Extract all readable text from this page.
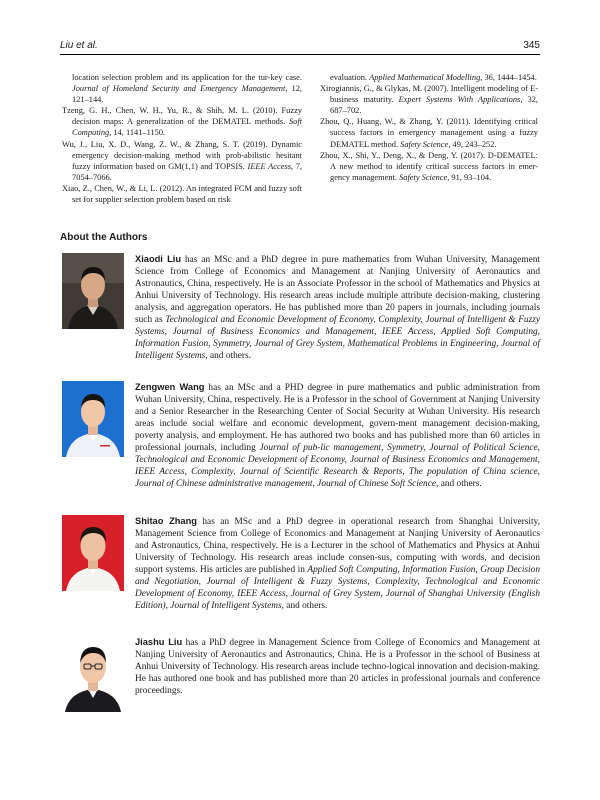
Liu et al.	345

location selection problem and its application for the tur-key case. Journal of Homeland Security and Emergency Management, 12, 121–144.

Tzeng, G. H., Chen, W. H., Yu, R., & Shih, M. L. (2010). Fuzzy decision maps: A generalization of the DEMATEL methods. Soft Computing, 14, 1141–1150.

Wu, J., Liu, X. D., Wang, Z. W., & Zhang, S. T. (2019). Dynamic emergency decision-making method with prob-abilistic hesitant fuzzy information based on GM(1,1) and TOPSIS. IEEE Access, 7, 7054–7066.

Xiao, Z., Chen, W., & Li, L. (2012). An integrated FCM and fuzzy soft set for supplier selection problem based on risk

evaluation. Applied Mathematical Modelling, 36, 1444–1454.

Xirogiannis, G., & Glykas, M. (2007). Intelligent modeling of E-business maturity. Expert Systems With Applications, 32, 687–702.

Zhou, Q., Huang, W., & Zhang, Y. (2011). Identifying critical success factors in emergency management using a fuzzy DEMATEL method. Safety Science, 49, 243–252.

Zhou, X., Shi, Y., Deng, X., & Deng, Y. (2017). D-DEMATEL: A new method to identify critical success factors in emer-gency management. Safety Science, 91, 93–104.

About the Authors

Xiaodi Liu has an MSc and a PhD degree in pure mathematics from Wuhan University, Management Science from College of Economics and Management at Nanjing University of Aeronautics and Astronautics, China, respectively. He is an Associate Professor in the school of Mathematics and Physics at Anhui University of Technology. His research areas include multiple attribute decision-making, clustering analysis, and aggregation operators. He has published more than 20 papers in journals, including journals such as Technological and Economic Development of Economy, Complexity, Journal of Intelligent & Fuzzy Systems, Journal of Business Economics and Management, IEEE Access, Applied Soft Computing, Information Fusion, Symmetry, Journal of Grey System, Mathematical Problems in Engineering, Journal of Intelligent Systems, and others.

Zengwen Wang has an MSc and a PHD degree in pure mathematics and public administration from Wuhan University, China, respectively. He is a Professor in the school of Government at Nanjing University and a Senior Researcher in the Researching Center of Social Security at Wuhan University. His research areas include social welfare and economic development, govern-ment management decision-making, poverty analysis, and employment. He has authored two books and has published more than 60 articles in professional journals, including Journal of pub-lic management, Symmetry, Journal of Political Science, Technological and Economic Development of Economy, Journal of Business Economics and Management, IEEE Access, Complexity, Journal of Scientific Research & Reports, The population of China science, Journal of Chinese administrative management, Journal of Chinese Soft Science, and others.

Shitao Zhang has an MSc and a PhD degree in operational research from Shanghai University, Management Science from College of Economics and Management at Nanjing University of Aeronautics and Astronautics, China, respectively. He is a Lecturer in the school of Mathematics and Physics at Anhui University of Technology. His research areas include consen-sus, computing with words, and decision support systems. His articles are published in Applied Soft Computing, Information Fusion, Group Decision and Negotiation, Journal of Intelligent & Fuzzy Systems, Complexity, Technological and Economic Development of Economy, IEEE Access, Journal of Grey System, Journal of Shanghai University (English Edition), Journal of Intelligent Systems, and others.

Jiashu Liu has a PhD degree in Management Science from College of Economics and Management at Nanjing University of Aeronautics and Astronautics, China. He is a Professor in the school of Business at Anhui University of Technology. His research areas include techno-logical innovation and decision-making. He has authored one book and has published more than 20 articles in professional journals and conference proceedings.
